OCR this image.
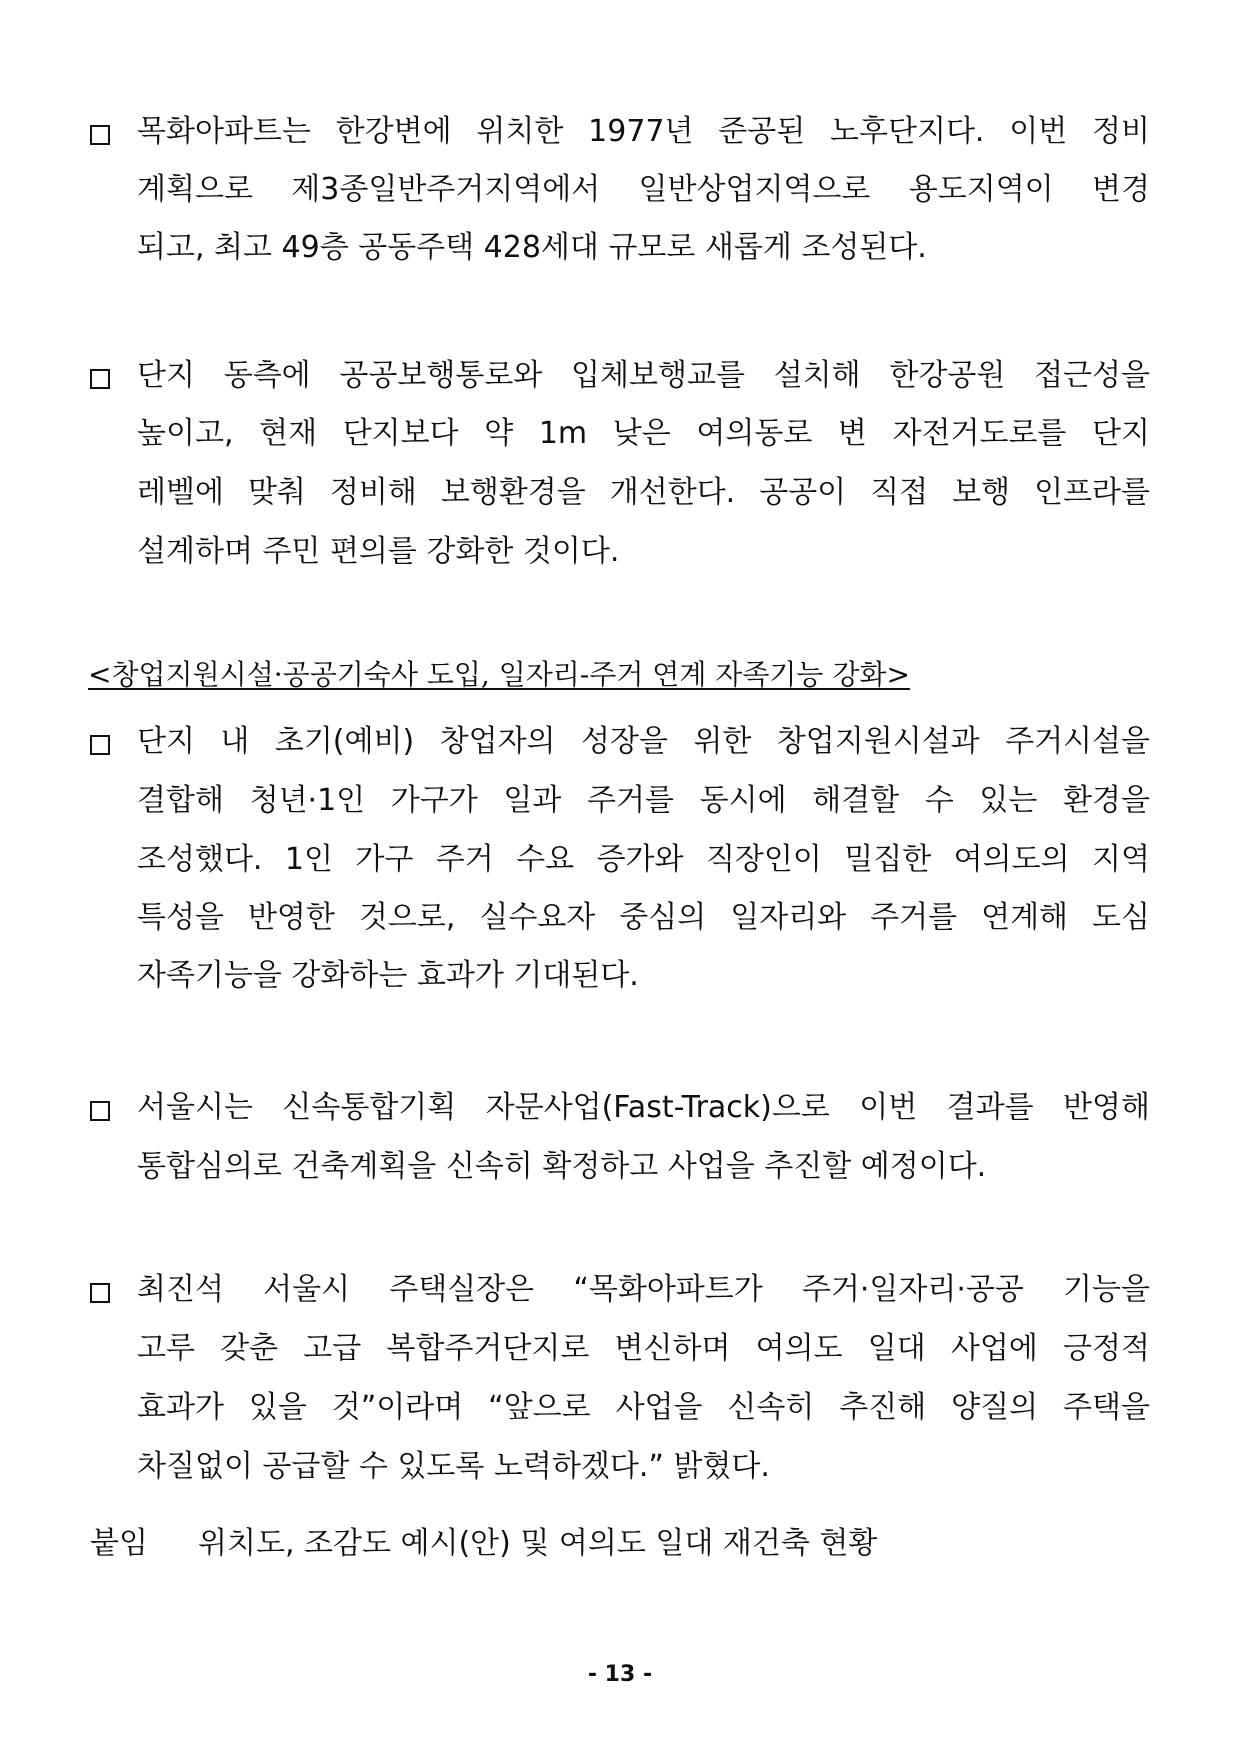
목화아파트는 한강변에 위치한 1977년 준공된 노후단지다. 이번 정비
계획으로 제3종일반주거지역에서 일반상업지역으로 용도지역이 변경
되고, 최고 49층 공동주택 428세대 규모로 새롭게 조성된다.
단지 동측에 공공보행통로와 입체보행교를 설치해 한강공원 접근성을
높이고, 현재 단지보다 약 1m 낮은 여의동로 변 자전거도로를 단지
레벨에 맞춰 정비해 보행환경을 개선한다. 공공이 직접 보행 인프라를
설계하며 주민 편의를 강화한 것이다.
<창업지원시설·공공기숙사 도입, 일자리-주거 연계 자족기능 강화>
단지 내 초기(예비) 창업자의 성장을 위한 창업지원시설과 주거시설을
결합해 청년·1인 가구가 일과 주거를 동시에 해결할 수 있는 환경을
조성했다. 1인 가구 주거 수요 증가와 직장인이 밀집한 여의도의 지역
특성을 반영한 것으로, 실수요자 중심의 일자리와 주거를 연계해 도심
자족기능을 강화하는 효과가 기대된다.
서울시는 신속통합기획 자문사업(Fast-Track)으로 이번 결과를 반영해
통합심의로 건축계획을 신속히 확정하고 사업을 추진할 예정이다.
최진석 서울시 주택실장은 “목화아파트가 주거·일자리·공공 기능을
고루 갖춘 고급 복합주거단지로 변신하며 여의도 일대 사업에 긍정적
효과가 있을 것”이라며 “앞으로 사업을 신속히 추진해 양질의 주택을
차질없이 공급할 수 있도록 노력하겠다.” 밝혔다.
붙임 위치도, 조감도 예시(안) 및 여의도 일대 재건축 현황
- 13 -
